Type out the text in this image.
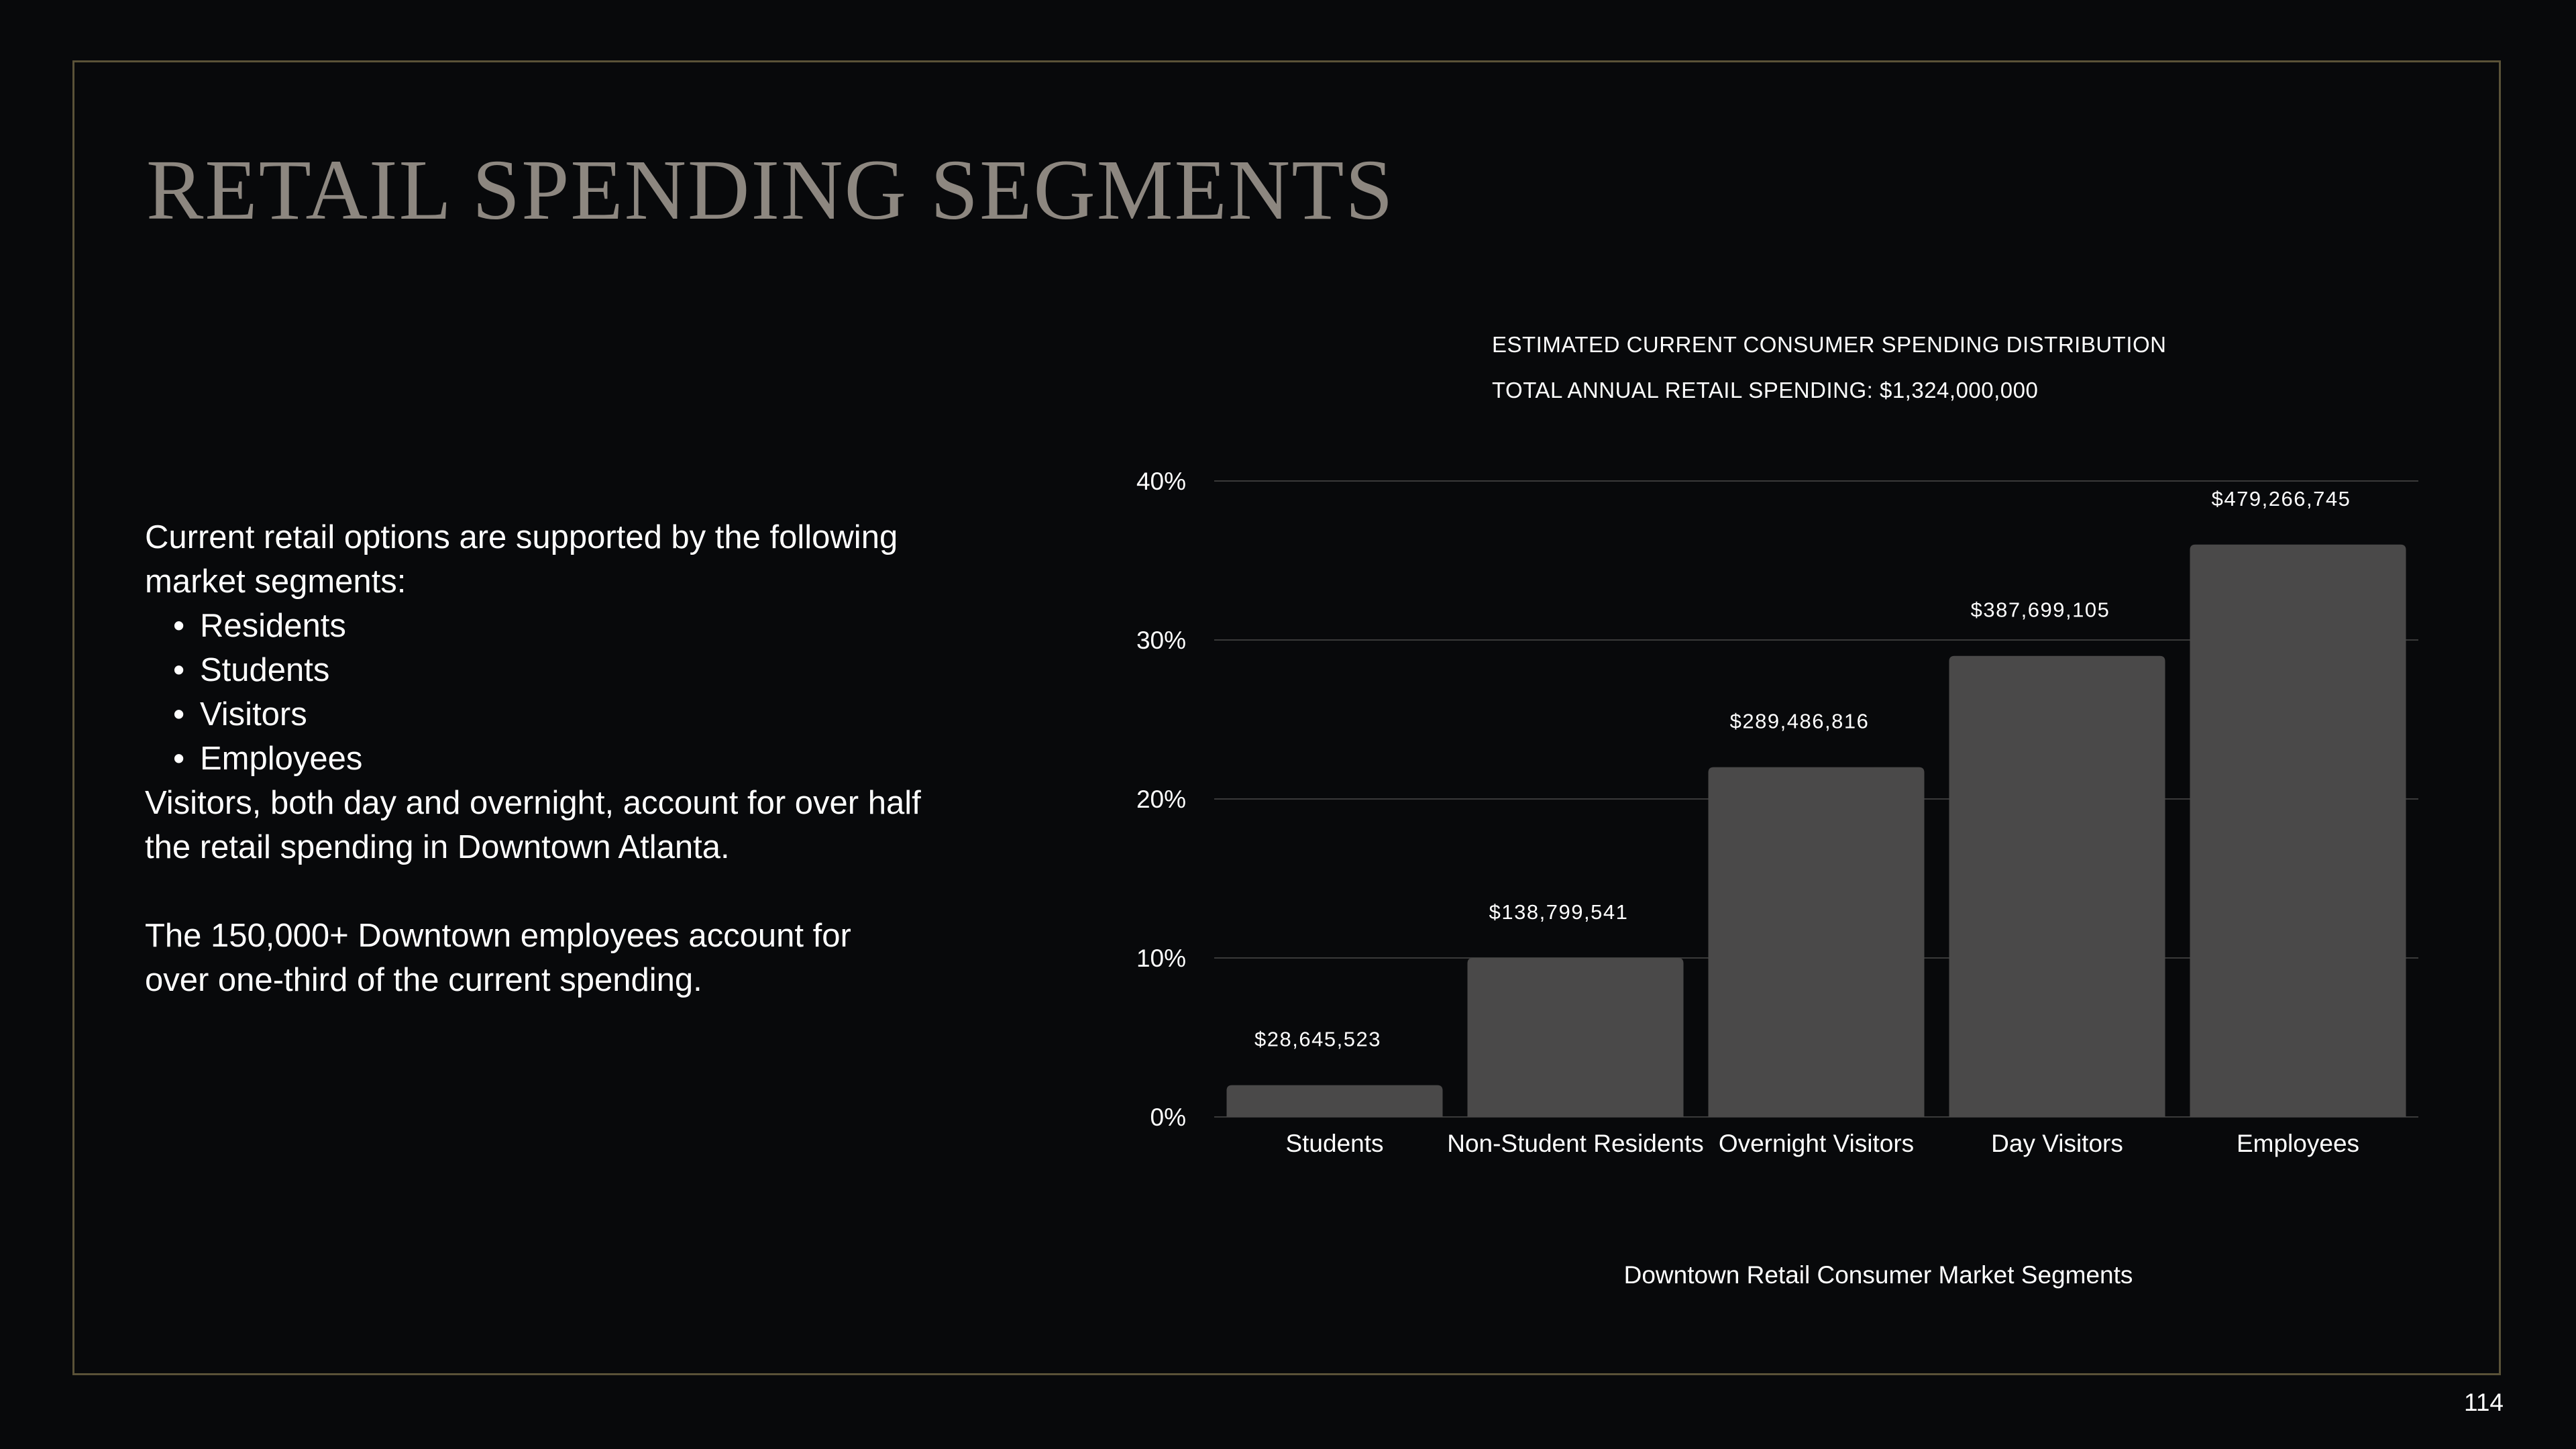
RETAIL SPENDING SEGMENTS

Current retail options are supported by the following market segments:

• Residents
• Students
• Visitors
• Employees

Visitors, both day and overnight, account for over half the retail spending in Downtown Atlanta.

The 150,000+ Downtown employees account for over one-third of the current spending.

ESTIMATED CURRENT CONSUMER SPENDING DISTRIBUTION
TOTAL ANNUAL RETAIL SPENDING: $1,324,000,000
0%
10%
20%
30%
40%
$28,645,523
Students
$138,799,541
Non-Student Residents
$289,486,816
Overnight Visitors
$387,699,105
Day Visitors
$479,266,745
Employees
Downtown Retail Consumer Market Segments
114
